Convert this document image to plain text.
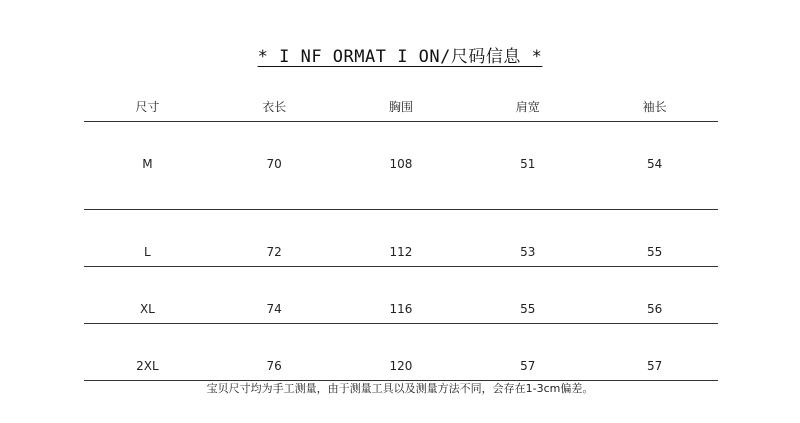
* I NF ORMAT I ON/尺码信息 *
尺寸	衣长	胸围	肩宽	袖长
M	70	108	51	54
L	72	112	53	55
XL	74	116	55	56
2XL	76	120	57	57
宝贝尺寸均为手工测量，由于测量工具以及测量方法不同，会存在1-3cm偏差。
